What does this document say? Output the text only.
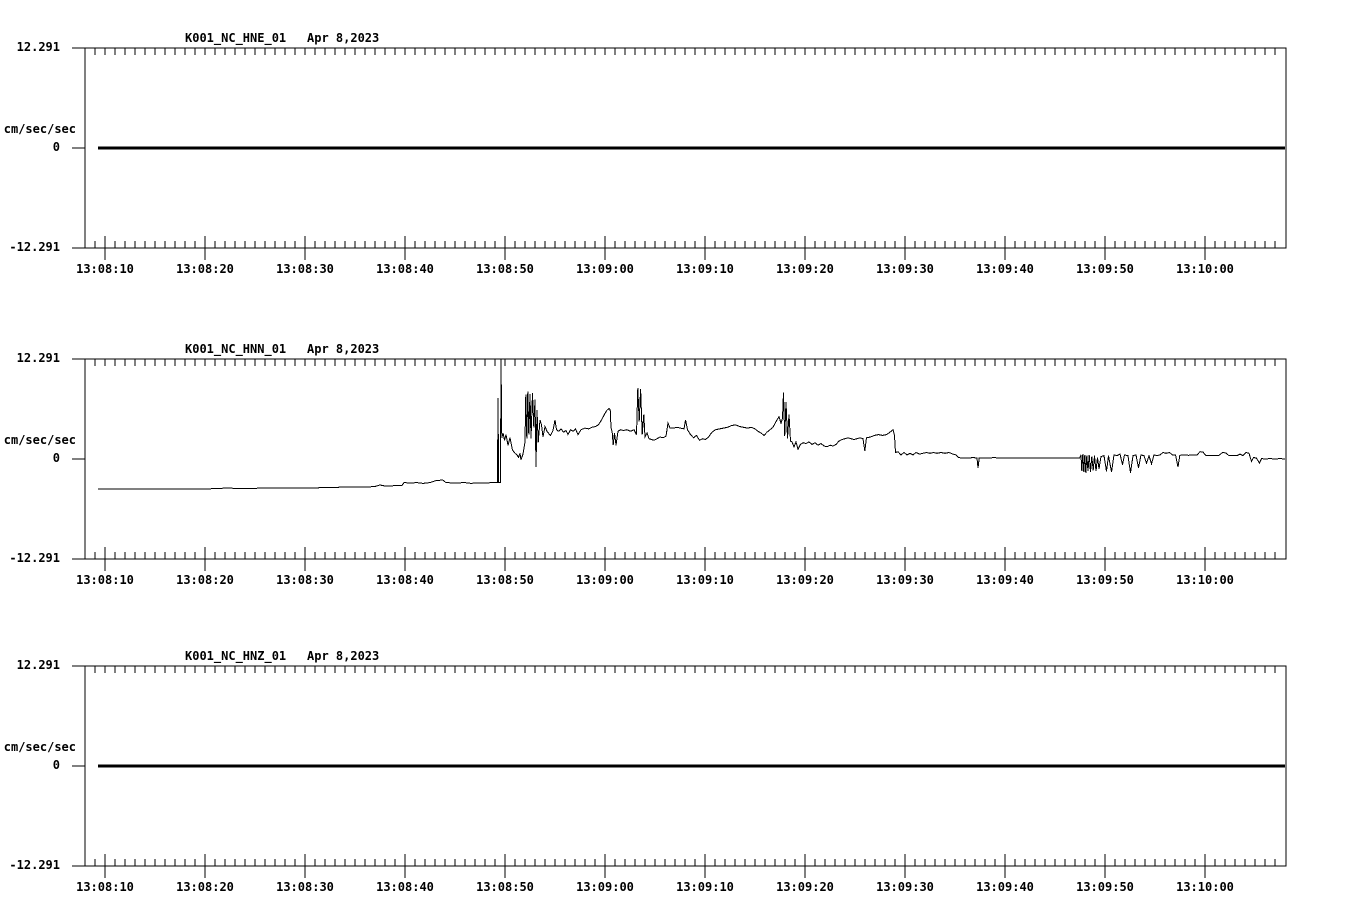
K001_NC_HNE_01	Apr 8,2023
12.291
cm/sec/sec
0
-12.291
13:08:10	13:08:20	13:08:30	13:08:40	13:08:50	13:09:00	13:09:10	13:09:20	13:09:30	13:09:40	13:09:50	13:10:00
K001_NC_HNN_01	Apr 8,2023
12.291
cm/sec/sec
0
-12.291
13:08:10	13:08:20	13:08:30	13:08:40	13:08:50	13:09:00	13:09:10	13:09:20	13:09:30	13:09:40	13:09:50	13:10:00
K001_NC_HNZ_01	Apr 8,2023
12.291
cm/sec/sec
0
-12.291
13:08:10	13:08:20	13:08:30	13:08:40	13:08:50	13:09:00	13:09:10	13:09:20	13:09:30	13:09:40	13:09:50	13:10:00
